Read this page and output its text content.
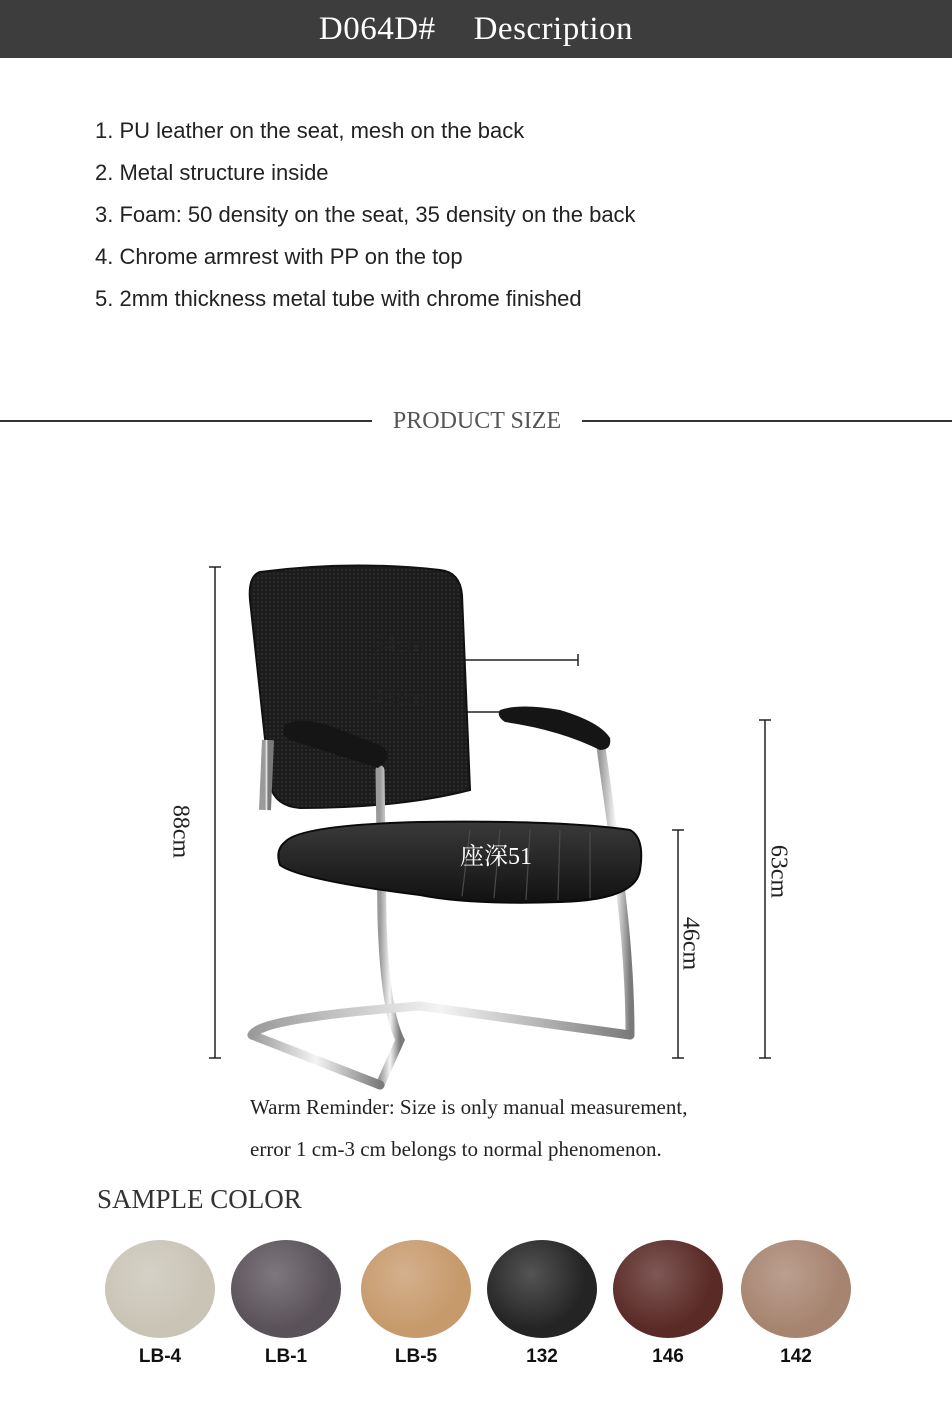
D064D# Description
1. PU leather on the seat, mesh on the back
2. Metal structure inside
3. Foam: 50 density on the seat, 35 density on the back
4. Chrome armrest with PP on the top
5. 2mm thickness metal tube with chrome finished
PRODUCT SIZE
54cm
45cm
座深51
88cm
46cm
63cm
Warm Reminder: Size is only manual measurement,
error 1 cm-3 cm belongs to normal phenomenon.
SAMPLE COLOR
LB-4	LB-1	LB-5	132	146	142
